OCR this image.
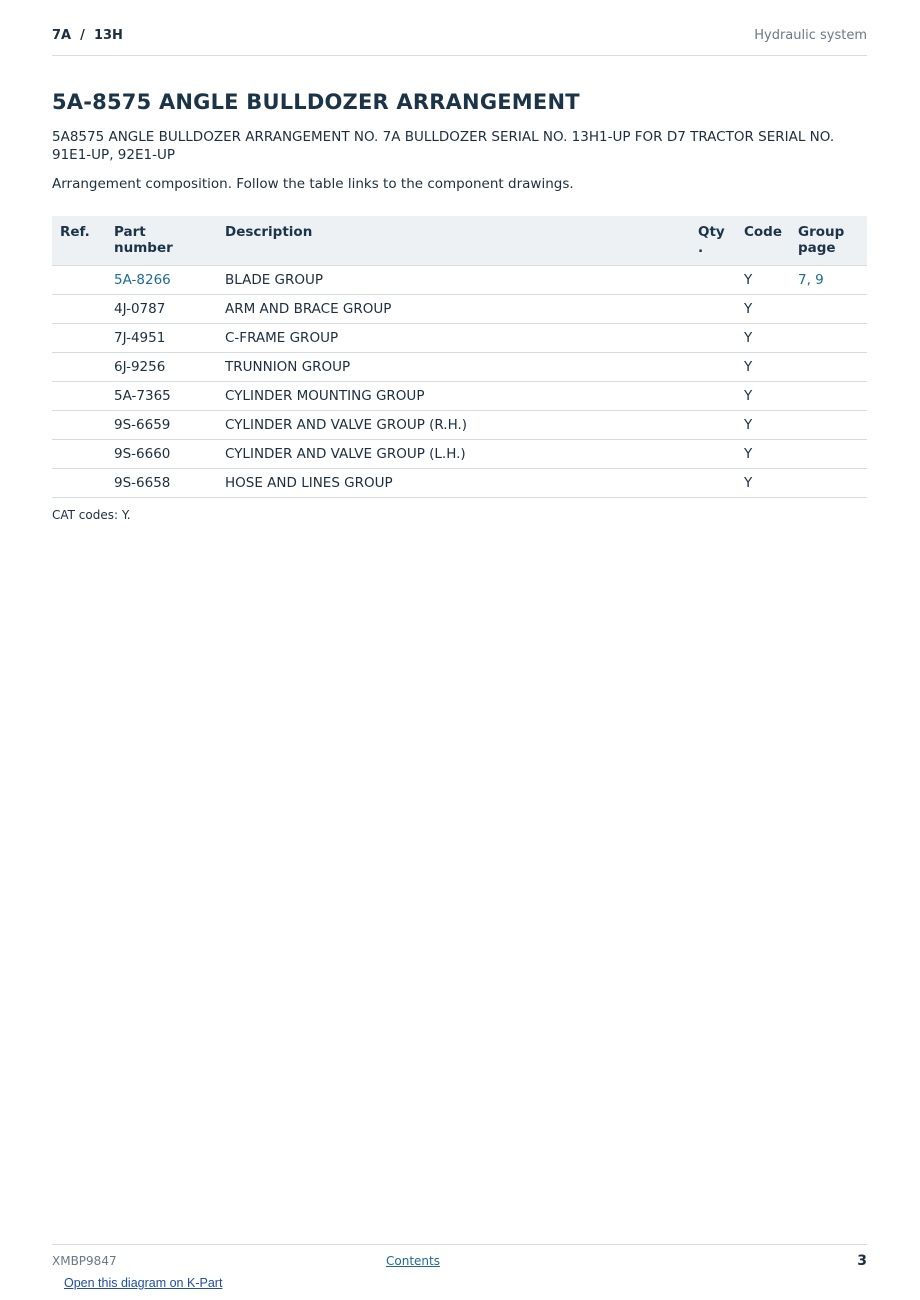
7A  /  13H	Hydraulic system
5A-8575 ANGLE BULLDOZER ARRANGEMENT
5A8575 ANGLE BULLDOZER ARRANGEMENT NO. 7A BULLDOZER SERIAL NO. 13H1-UP FOR D7 TRACTOR SERIAL NO. 91E1-UP, 92E1-UP
Arrangement composition. Follow the table links to the component drawings.
Ref.	Part number	Description	Qty .	Code	Group page
	5A-8266	BLADE GROUP		Y	7, 9
	4J-0787	ARM AND BRACE GROUP		Y	
	7J-4951	C-FRAME GROUP		Y	
	6J-9256	TRUNNION GROUP		Y	
	5A-7365	CYLINDER MOUNTING GROUP		Y	
	9S-6659	CYLINDER AND VALVE GROUP (R.H.)		Y	
	9S-6660	CYLINDER AND VALVE GROUP (L.H.)		Y	
	9S-6658	HOSE AND LINES GROUP		Y	
CAT codes: Y.
XMBP9847	Contents	3
Open this diagram on K-Part
